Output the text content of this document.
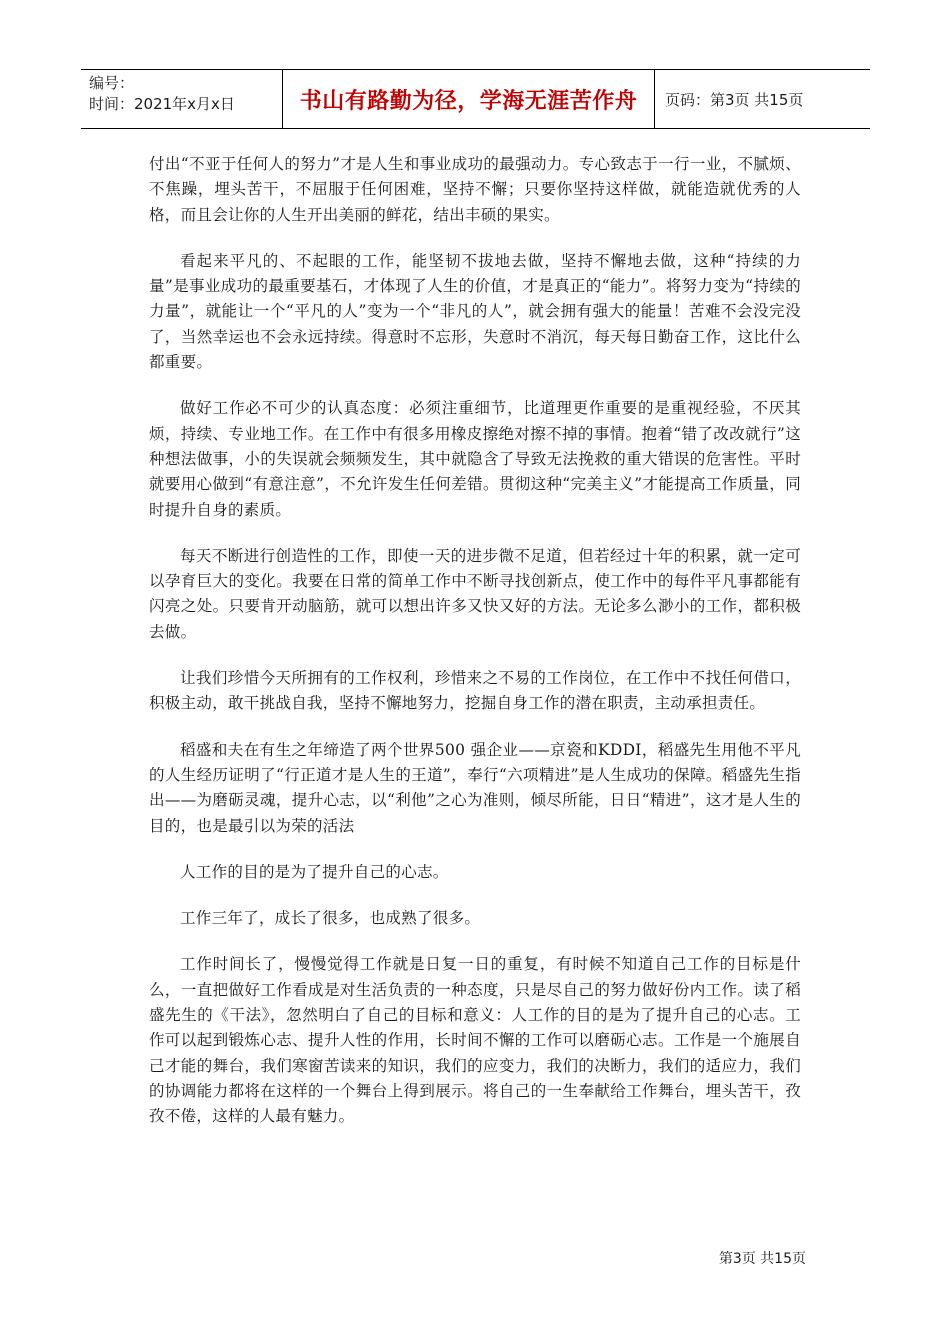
编号：
时间：2021年x月x日	书山有路勤为径，学海无涯苦作舟	页码：第3页 共15页

付出“不亚于任何人的努力”才是人生和事业成功的最强动力。专心致志于一行一业，不腻烦、不焦躁，埋头苦干，不屈服于任何困难，坚持不懈；只要你坚持这样做，就能造就优秀的人格，而且会让你的人生开出美丽的鲜花，结出丰硕的果实。

看起来平凡的、不起眼的工作，能坚韧不拔地去做，坚持不懈地去做，这种“持续的力量”是事业成功的最重要基石，才体现了人生的价值，才是真正的“能力”。将努力变为“持续的力量”，就能让一个“平凡的人”变为一个“非凡的人”，就会拥有强大的能量！苦难不会没完没了，当然幸运也不会永远持续。得意时不忘形，失意时不消沉，每天每日勤奋工作，这比什么都重要。

做好工作必不可少的认真态度：必须注重细节，比道理更作重要的是重视经验，不厌其烦，持续、专业地工作。在工作中有很多用橡皮擦绝对擦不掉的事情。抱着“错了改改就行”这种想法做事，小的失误就会频频发生，其中就隐含了导致无法挽救的重大错误的危害性。平时就要用心做到“有意注意”，不允许发生任何差错。贯彻这种“完美主义”才能提高工作质量，同时提升自身的素质。

每天不断进行创造性的工作，即使一天的进步微不足道，但若经过十年的积累，就一定可以孕育巨大的变化。我要在日常的简单工作中不断寻找创新点，使工作中的每件平凡事都能有闪亮之处。只要肯开动脑筋，就可以想出许多又快又好的方法。无论多么渺小的工作，都积极去做。

让我们珍惜今天所拥有的工作权利，珍惜来之不易的工作岗位，在工作中不找任何借口，积极主动，敢干挑战自我，坚持不懈地努力，挖掘自身工作的潜在职责，主动承担责任。

稻盛和夫在有生之年缔造了两个世界500 强企业——京瓷和KDDI，稻盛先生用他不平凡的人生经历证明了“行正道才是人生的王道”，奉行“六项精进”是人生成功的保障。稻盛先生指出——为磨砺灵魂，提升心志，以“利他”之心为准则，倾尽所能，日日“精进”，这才是人生的目的，也是最引以为荣的活法

人工作的目的是为了提升自己的心志。

工作三年了，成长了很多，也成熟了很多。

工作时间长了，慢慢觉得工作就是日复一日的重复，有时候不知道自己工作的目标是什么，一直把做好工作看成是对生活负责的一种态度，只是尽自己的努力做好份内工作。读了稻盛先生的《干法》，忽然明白了自己的目标和意义：人工作的目的是为了提升自己的心志。工作可以起到锻炼心志、提升人性的作用，长时间不懈的工作可以磨砺心志。工作是一个施展自己才能的舞台，我们寒窗苦读来的知识，我们的应变力，我们的决断力，我们的适应力，我们的协调能力都将在这样的一个舞台上得到展示。将自己的一生奉献给工作舞台，埋头苦干，孜孜不倦，这样的人最有魅力。

第3页 共15页
